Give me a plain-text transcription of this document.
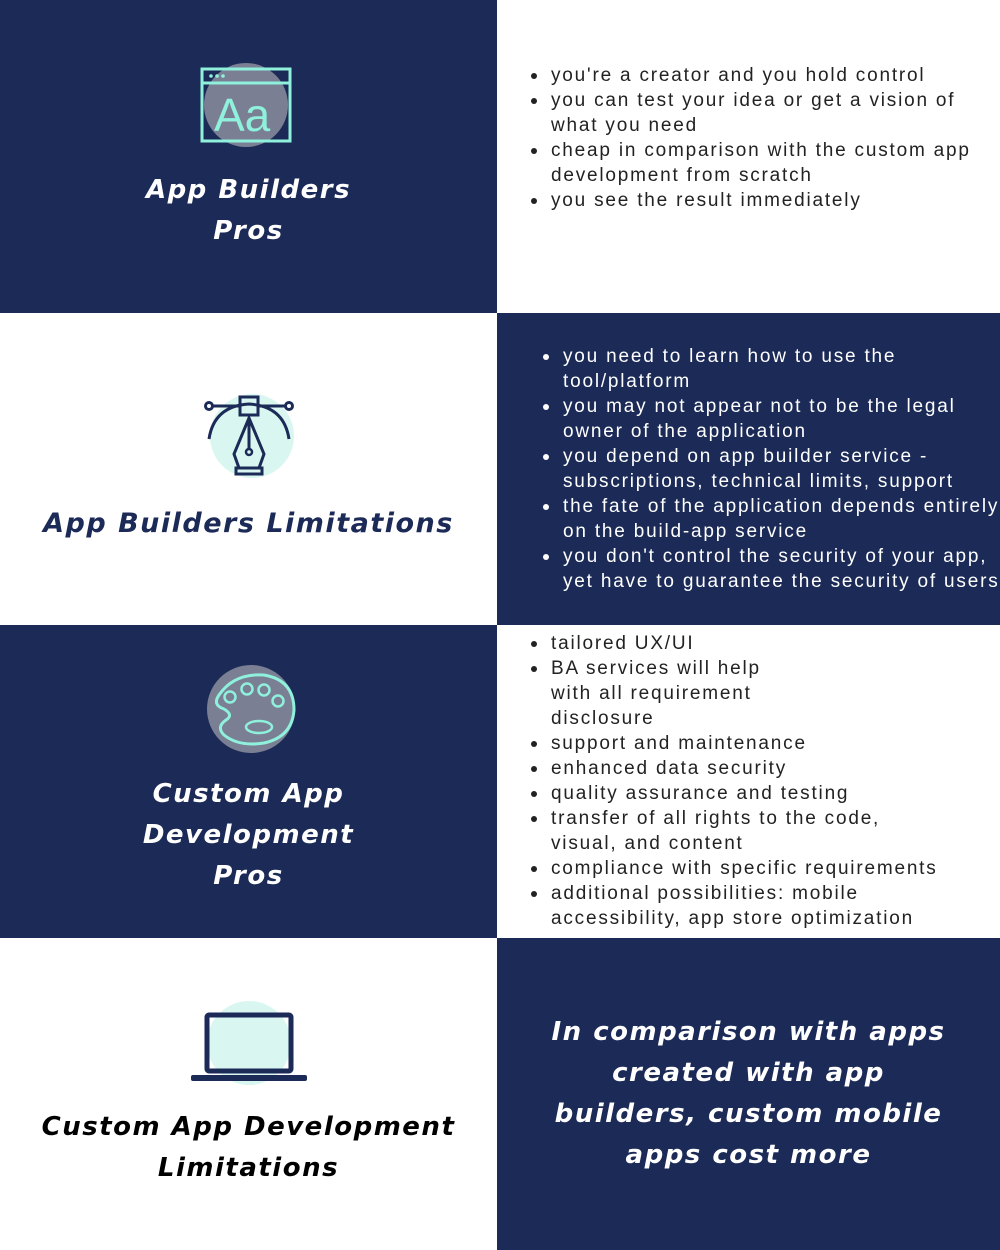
Aa
App Builders
Pros
you're a creator and you hold control
you can test your idea or get a vision of what you need
cheap in comparison with the custom app development from scratch
you see the result immediately
App Builders Limitations
you need to learn how to use the tool/platform
you may not appear not to be the legal owner of the application
you depend on app builder service - subscriptions, technical limits, support
the fate of the application depends entirely on the build-app service
you don't control the security of your app, yet have to guarantee the security of users
Custom App
Development
Pros
tailored UX/UI
BA services will help with all requirement disclosure
support and maintenance
enhanced data security
quality assurance and testing
transfer of all rights to the code, visual, and content
compliance with specific requirements
additional possibilities: mobile accessibility, app store optimization
Custom App Development
Limitations
In comparison with apps
created with app
builders, custom mobile
apps cost more
